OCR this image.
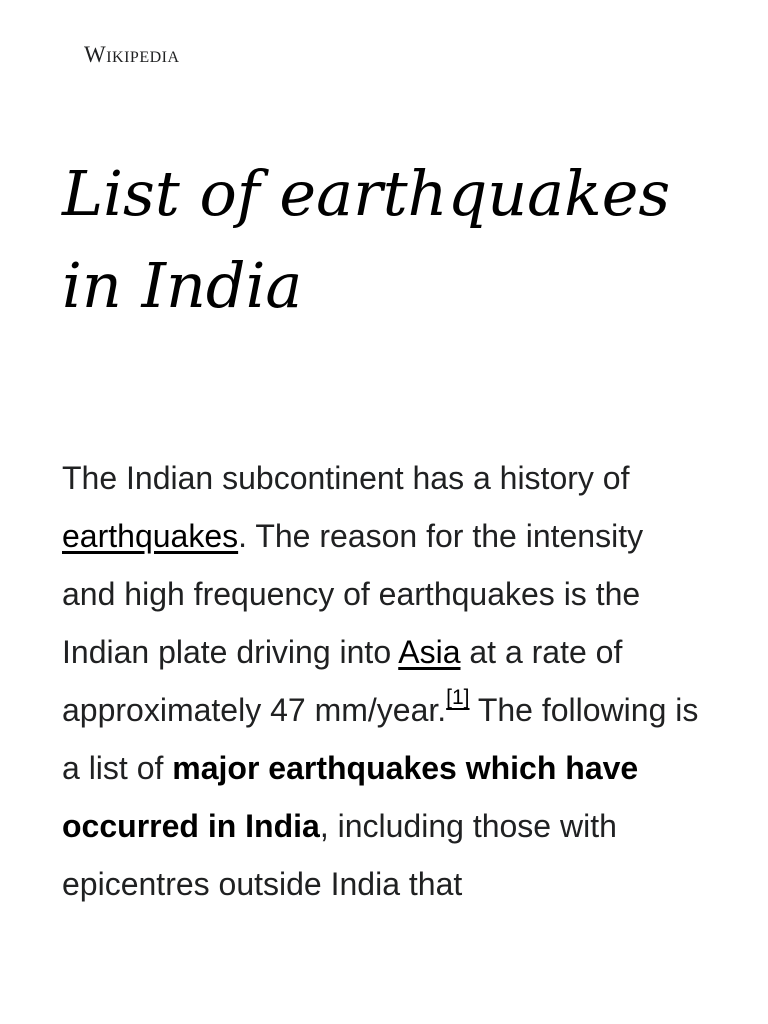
Wikipedia
List of earthquakes in India

The Indian subcontinent has a history of earthquakes. The reason for the intensity and high frequency of earthquakes is the Indian plate driving into Asia at a rate of approximately 47 mm/year.[1] The following is a list of major earthquakes which have occurred in India, including those with epicentres outside India that
